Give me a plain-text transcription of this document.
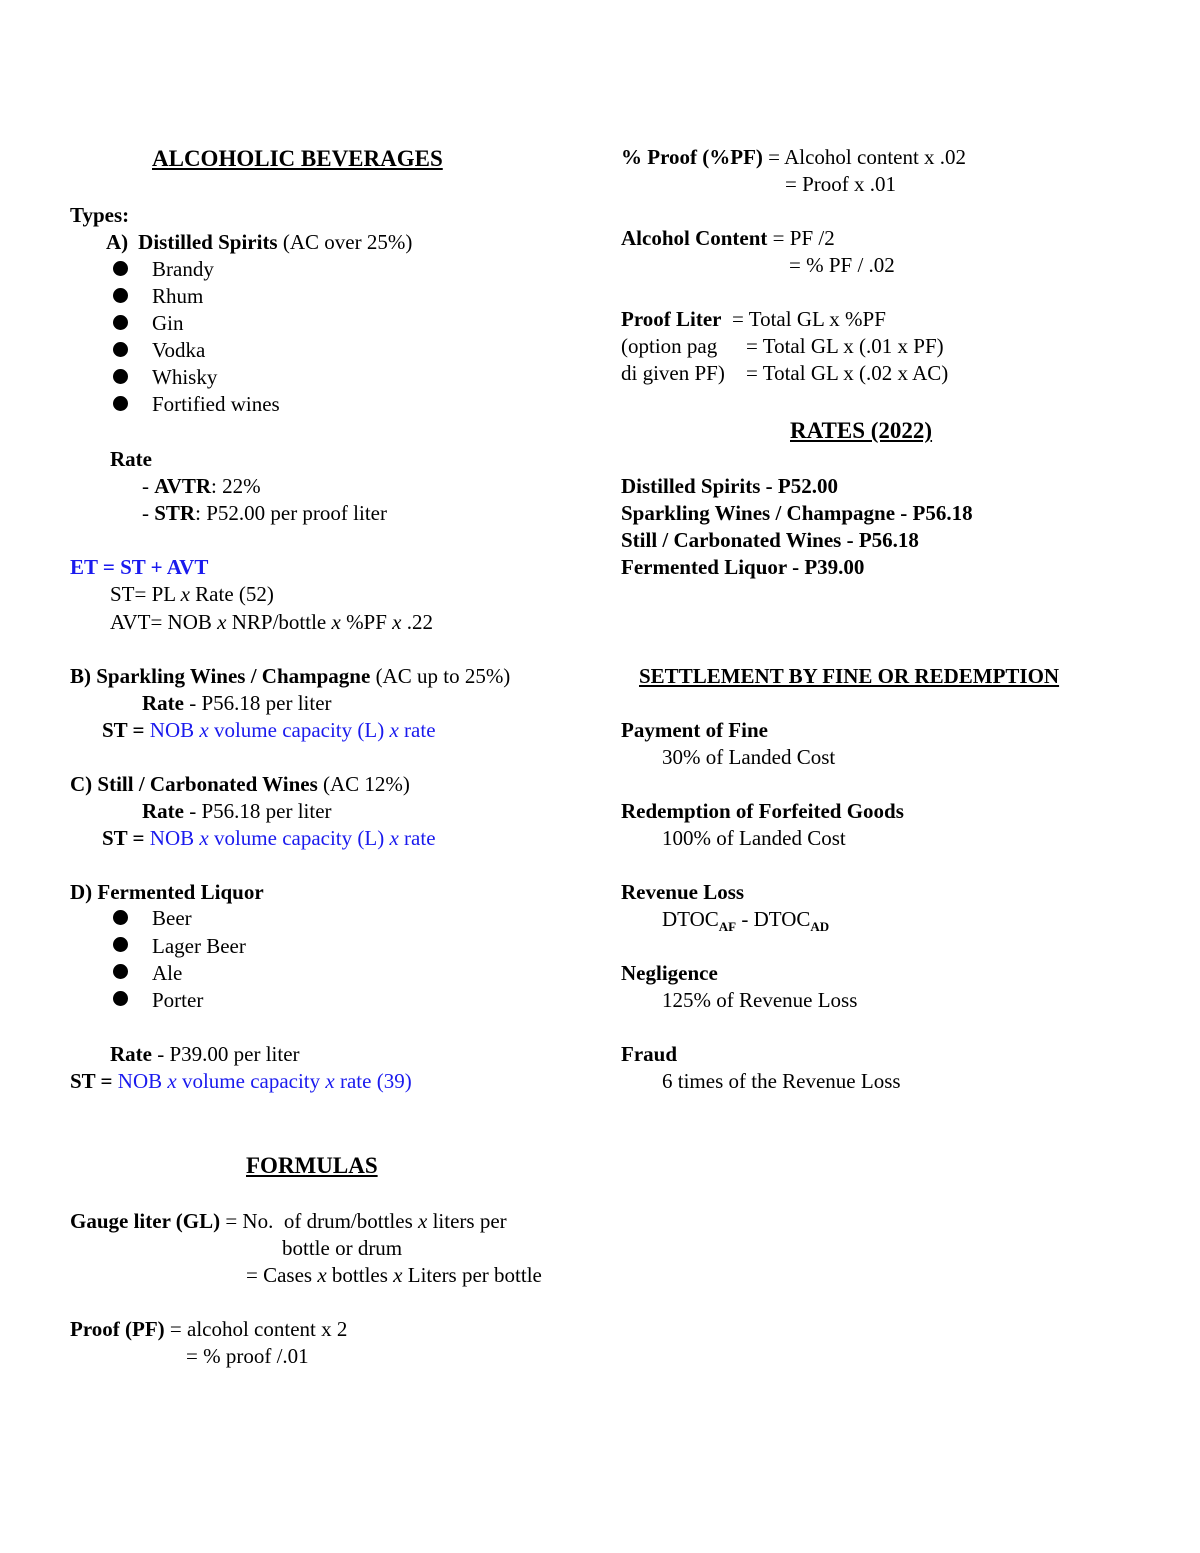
ALCOHOLIC BEVERAGES
Types:
A) Distilled Spirits (AC over 25%)
Brandy
Rhum
Gin
Vodka
Whisky
Fortified wines
Rate
- AVTR: 22%
- STR: P52.00 per proof liter
ET = ST + AVT
ST= PL x Rate (52)
AVT= NOB x NRP/bottle x %PF x .22
B) Sparkling Wines / Champagne (AC up to 25%)
Rate - P56.18 per liter
ST = NOB x volume capacity (L) x rate
C) Still / Carbonated Wines (AC 12%)
Rate - P56.18 per liter
ST = NOB x volume capacity (L) x rate
D) Fermented Liquor
Beer
Lager Beer
Ale
Porter
Rate - P39.00 per liter
ST = NOB x volume capacity x rate (39)
FORMULAS
Gauge liter (GL) = No.  of drum/bottles x liters per
bottle or drum
= Cases x bottles x Liters per bottle
Proof (PF) = alcohol content x 2
= % proof /.01
% Proof (%PF) = Alcohol content x .02
= Proof x .01
Alcohol Content = PF /2
= % PF / .02
Proof Liter  = Total GL x %PF
(option pag = Total GL x (.01 x PF)
di given PF) = Total GL x (.02 x AC)
RATES (2022)
Distilled Spirits - P52.00
Sparkling Wines / Champagne - P56.18
Still / Carbonated Wines - P56.18
Fermented Liquor - P39.00
SETTLEMENT BY FINE OR REDEMPTION
Payment of Fine
30% of Landed Cost
Redemption of Forfeited Goods
100% of Landed Cost
Revenue Loss
$DTOC_{AF}$ - $DTOC_{AD}$
Negligence
125% of Revenue Loss
Fraud
6 times of the Revenue Loss
